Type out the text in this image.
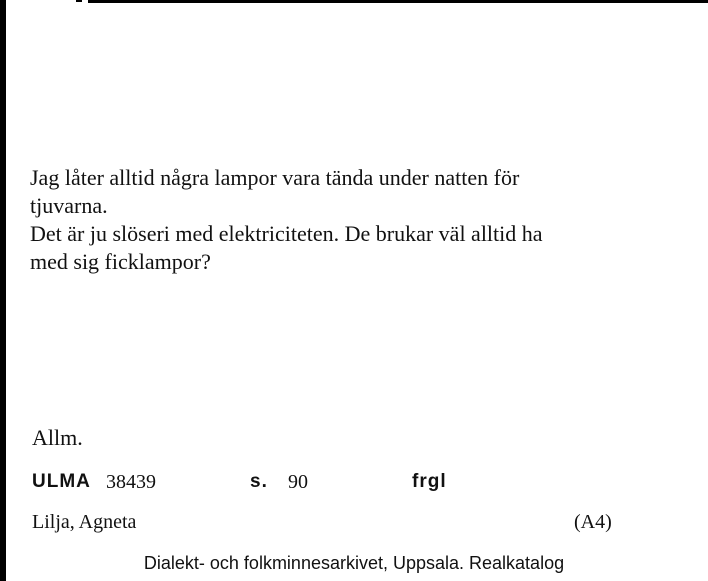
Jag låter alltid några lampor vara tända under natten för

tjuvarna.

Det är ju slöseri med elektriciteten. De brukar väl alltid ha

med sig ficklampor?

Allm.

ULMA 38439	s. 90	frgl
Lilja, Agneta	(A4)
Dialekt- och folkminnesarkivet, Uppsala. Realkatalog
